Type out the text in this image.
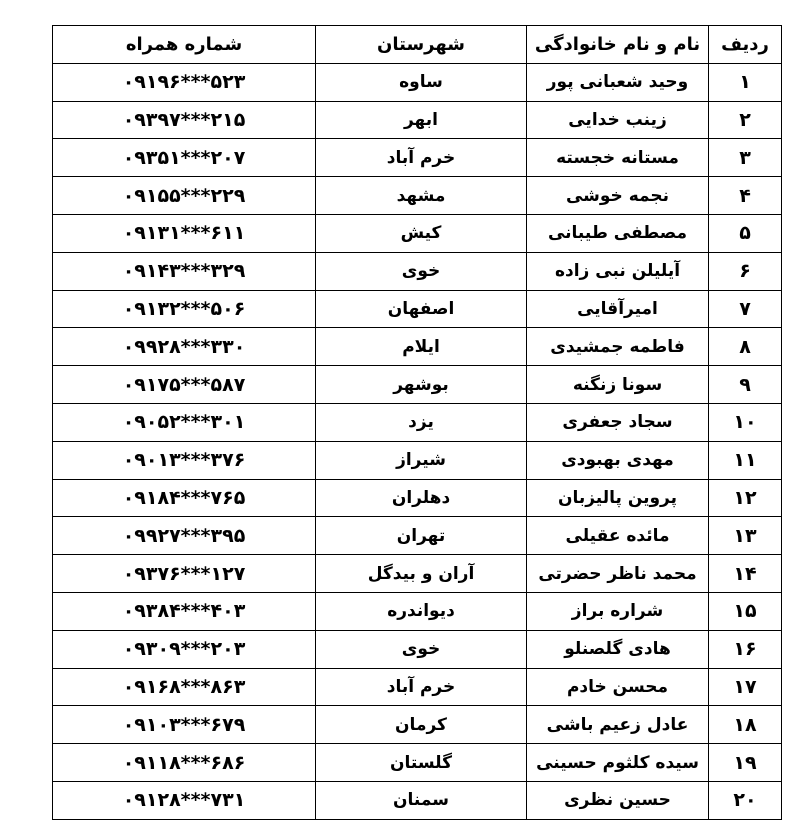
ردیف	نام و نام خانوادگی	شهرستان	شماره همراه
۱	وحید شعبانی پور	ساوه	۰۹۱۹۶***۵۲۳
۲	زینب خدایی	ابهر	۰۹۳۹۷***۲۱۵
۳	مستانه خجسته	خرم آباد	۰۹۳۵۱***۲۰۷
۴	نجمه خوشی	مشهد	۰۹۱۵۵***۲۲۹
۵	مصطفی طیبانی	کیش	۰۹۱۳۱***۶۱۱
۶	آیلیلن نبی زاده	خوی	۰۹۱۴۳***۳۲۹
۷	امیرآقایی	اصفهان	۰۹۱۳۲***۵۰۶
۸	فاطمه جمشیدی	ایلام	۰۹۹۲۸***۳۳۰
۹	سونا زنگنه	بوشهر	۰۹۱۷۵***۵۸۷
۱۰	سجاد جعفری	یزد	۰۹۰۵۲***۳۰۱
۱۱	مهدی بهبودی	شیراز	۰۹۰۱۳***۳۷۶
۱۲	پروین پالیزبان	دهلران	۰۹۱۸۴***۷۶۵
۱۳	مائده عقیلی	تهران	۰۹۹۲۷***۳۹۵
۱۴	محمد ناظر حضرتی	آران و بیدگل	۰۹۳۷۶***۱۲۷
۱۵	شراره براز	دیواندره	۰۹۳۸۴***۴۰۳
۱۶	هادی گلصنلو	خوی	۰۹۳۰۹***۲۰۳
۱۷	محسن خادم	خرم آباد	۰۹۱۶۸***۸۶۳
۱۸	عادل زعیم باشی	کرمان	۰۹۱۰۳***۶۷۹
۱۹	سیده کلثوم حسینی	گلستان	۰۹۱۱۸***۶۸۶
۲۰	حسین نظری	سمنان	۰۹۱۲۸***۷۳۱
